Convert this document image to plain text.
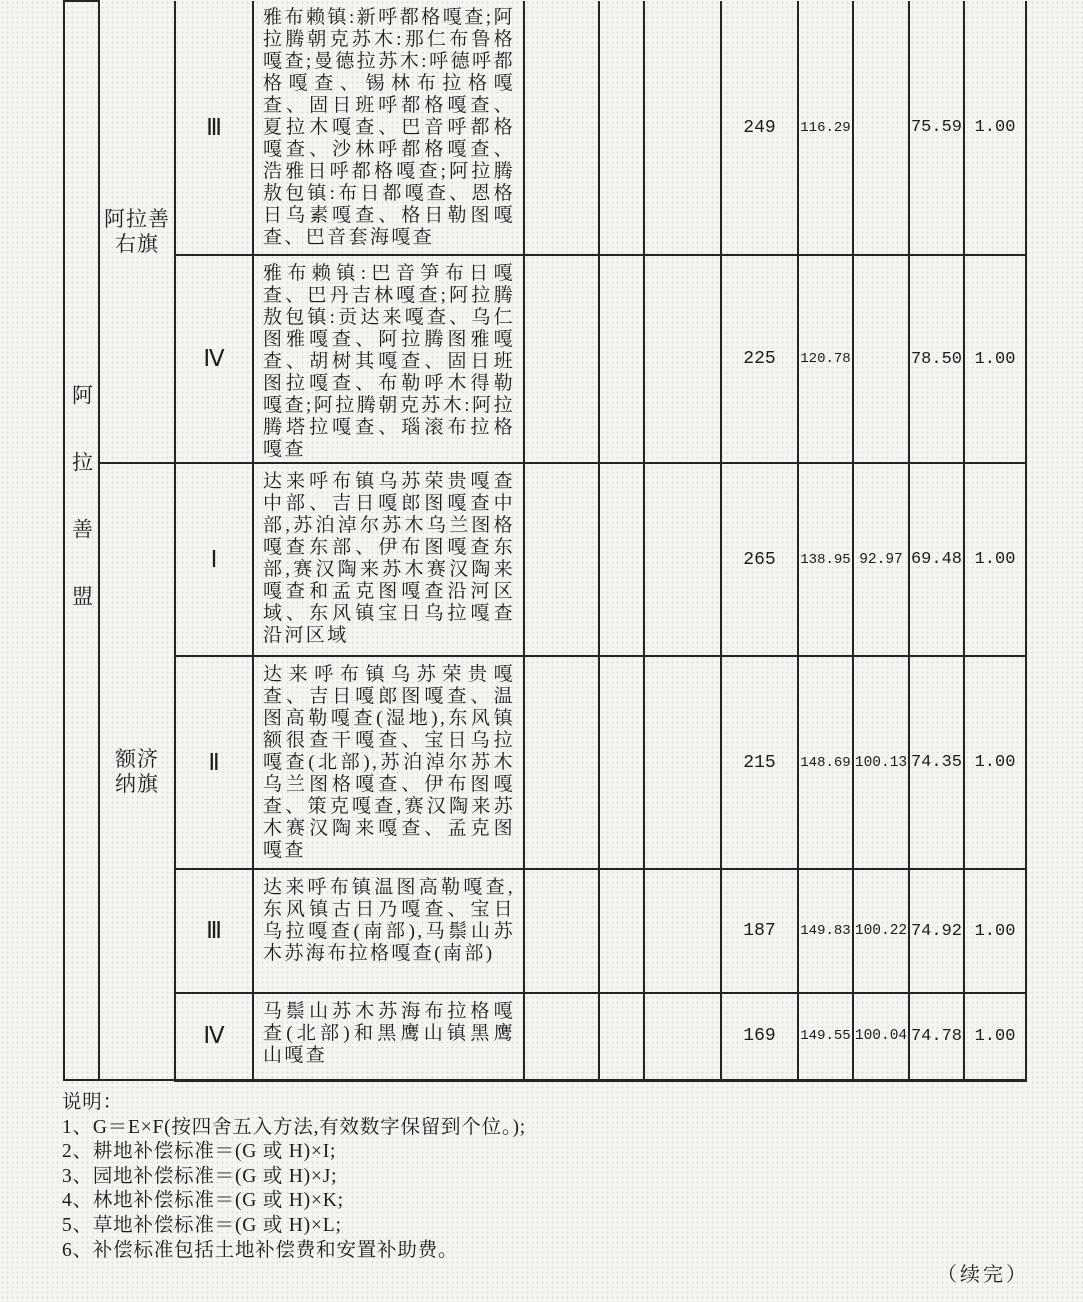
阿拉善盟	阿拉善右旗	Ⅲ	雅布赖镇:新呼都格嘎查;阿拉腾朝克苏木:那仁布鲁格嘎查;曼德拉苏木:呼德呼都格嘎查、锡林布拉格嘎查、固日班呼都格嘎查、夏拉木嘎查、巴音呼都格嘎查、沙林呼都格嘎查、浩雅日呼都格嘎查;阿拉腾敖包镇:布日都嘎查、恩格日乌素嘎查、格日勒图嘎查、巴音套海嘎查				249	116.29		75.59	1.00
		Ⅳ	雅布赖镇:巴音笋布日嘎查、巴丹吉林嘎查;阿拉腾敖包镇:贡达来嘎查、乌仁图雅嘎查、阿拉腾图雅嘎查、胡树其嘎查、固日班图拉嘎查、布勒呼木得勒嘎查;阿拉腾朝克苏木:阿拉腾塔拉嘎查、瑙滚布拉格嘎查				225	120.78		78.50	1.00
	额济纳旗	Ⅰ	达来呼布镇乌苏荣贵嘎查中部、吉日嘎郎图嘎查中部,苏泊淖尔苏木乌兰图格嘎查东部、伊布图嘎查东部,赛汉陶来苏木赛汉陶来嘎查和孟克图嘎查沿河区域、东风镇宝日乌拉嘎查沿河区域				265	138.95	92.97	69.48	1.00
		Ⅱ	达来呼布镇乌苏荣贵嘎查、吉日嘎郎图嘎查、温图高勒嘎查(湿地),东风镇额很查干嘎查、宝日乌拉嘎查(北部),苏泊淖尔苏木乌兰图格嘎查、伊布图嘎查、策克嘎查,赛汉陶来苏木赛汉陶来嘎查、孟克图嘎查				215	148.69	100.13	74.35	1.00
		Ⅲ	达来呼布镇温图高勒嘎查,东风镇古日乃嘎查、宝日乌拉嘎查(南部),马鬃山苏木苏海布拉格嘎查(南部)				187	149.83	100.22	74.92	1.00
		Ⅳ	马鬃山苏木苏海布拉格嘎查(北部)和黑鹰山镇黑鹰山嘎查				169	149.55	100.04	74.78	1.00
说明：
1、G＝E×F(按四舍五入方法,有效数字保留到个位。);
2、耕地补偿标准＝(G 或 H)×I;
3、园地补偿标准＝(G 或 H)×J;
4、林地补偿标准＝(G 或 H)×K;
5、草地补偿标准＝(G 或 H)×L;
6、补偿标准包括土地补偿费和安置补助费。
（续完）
